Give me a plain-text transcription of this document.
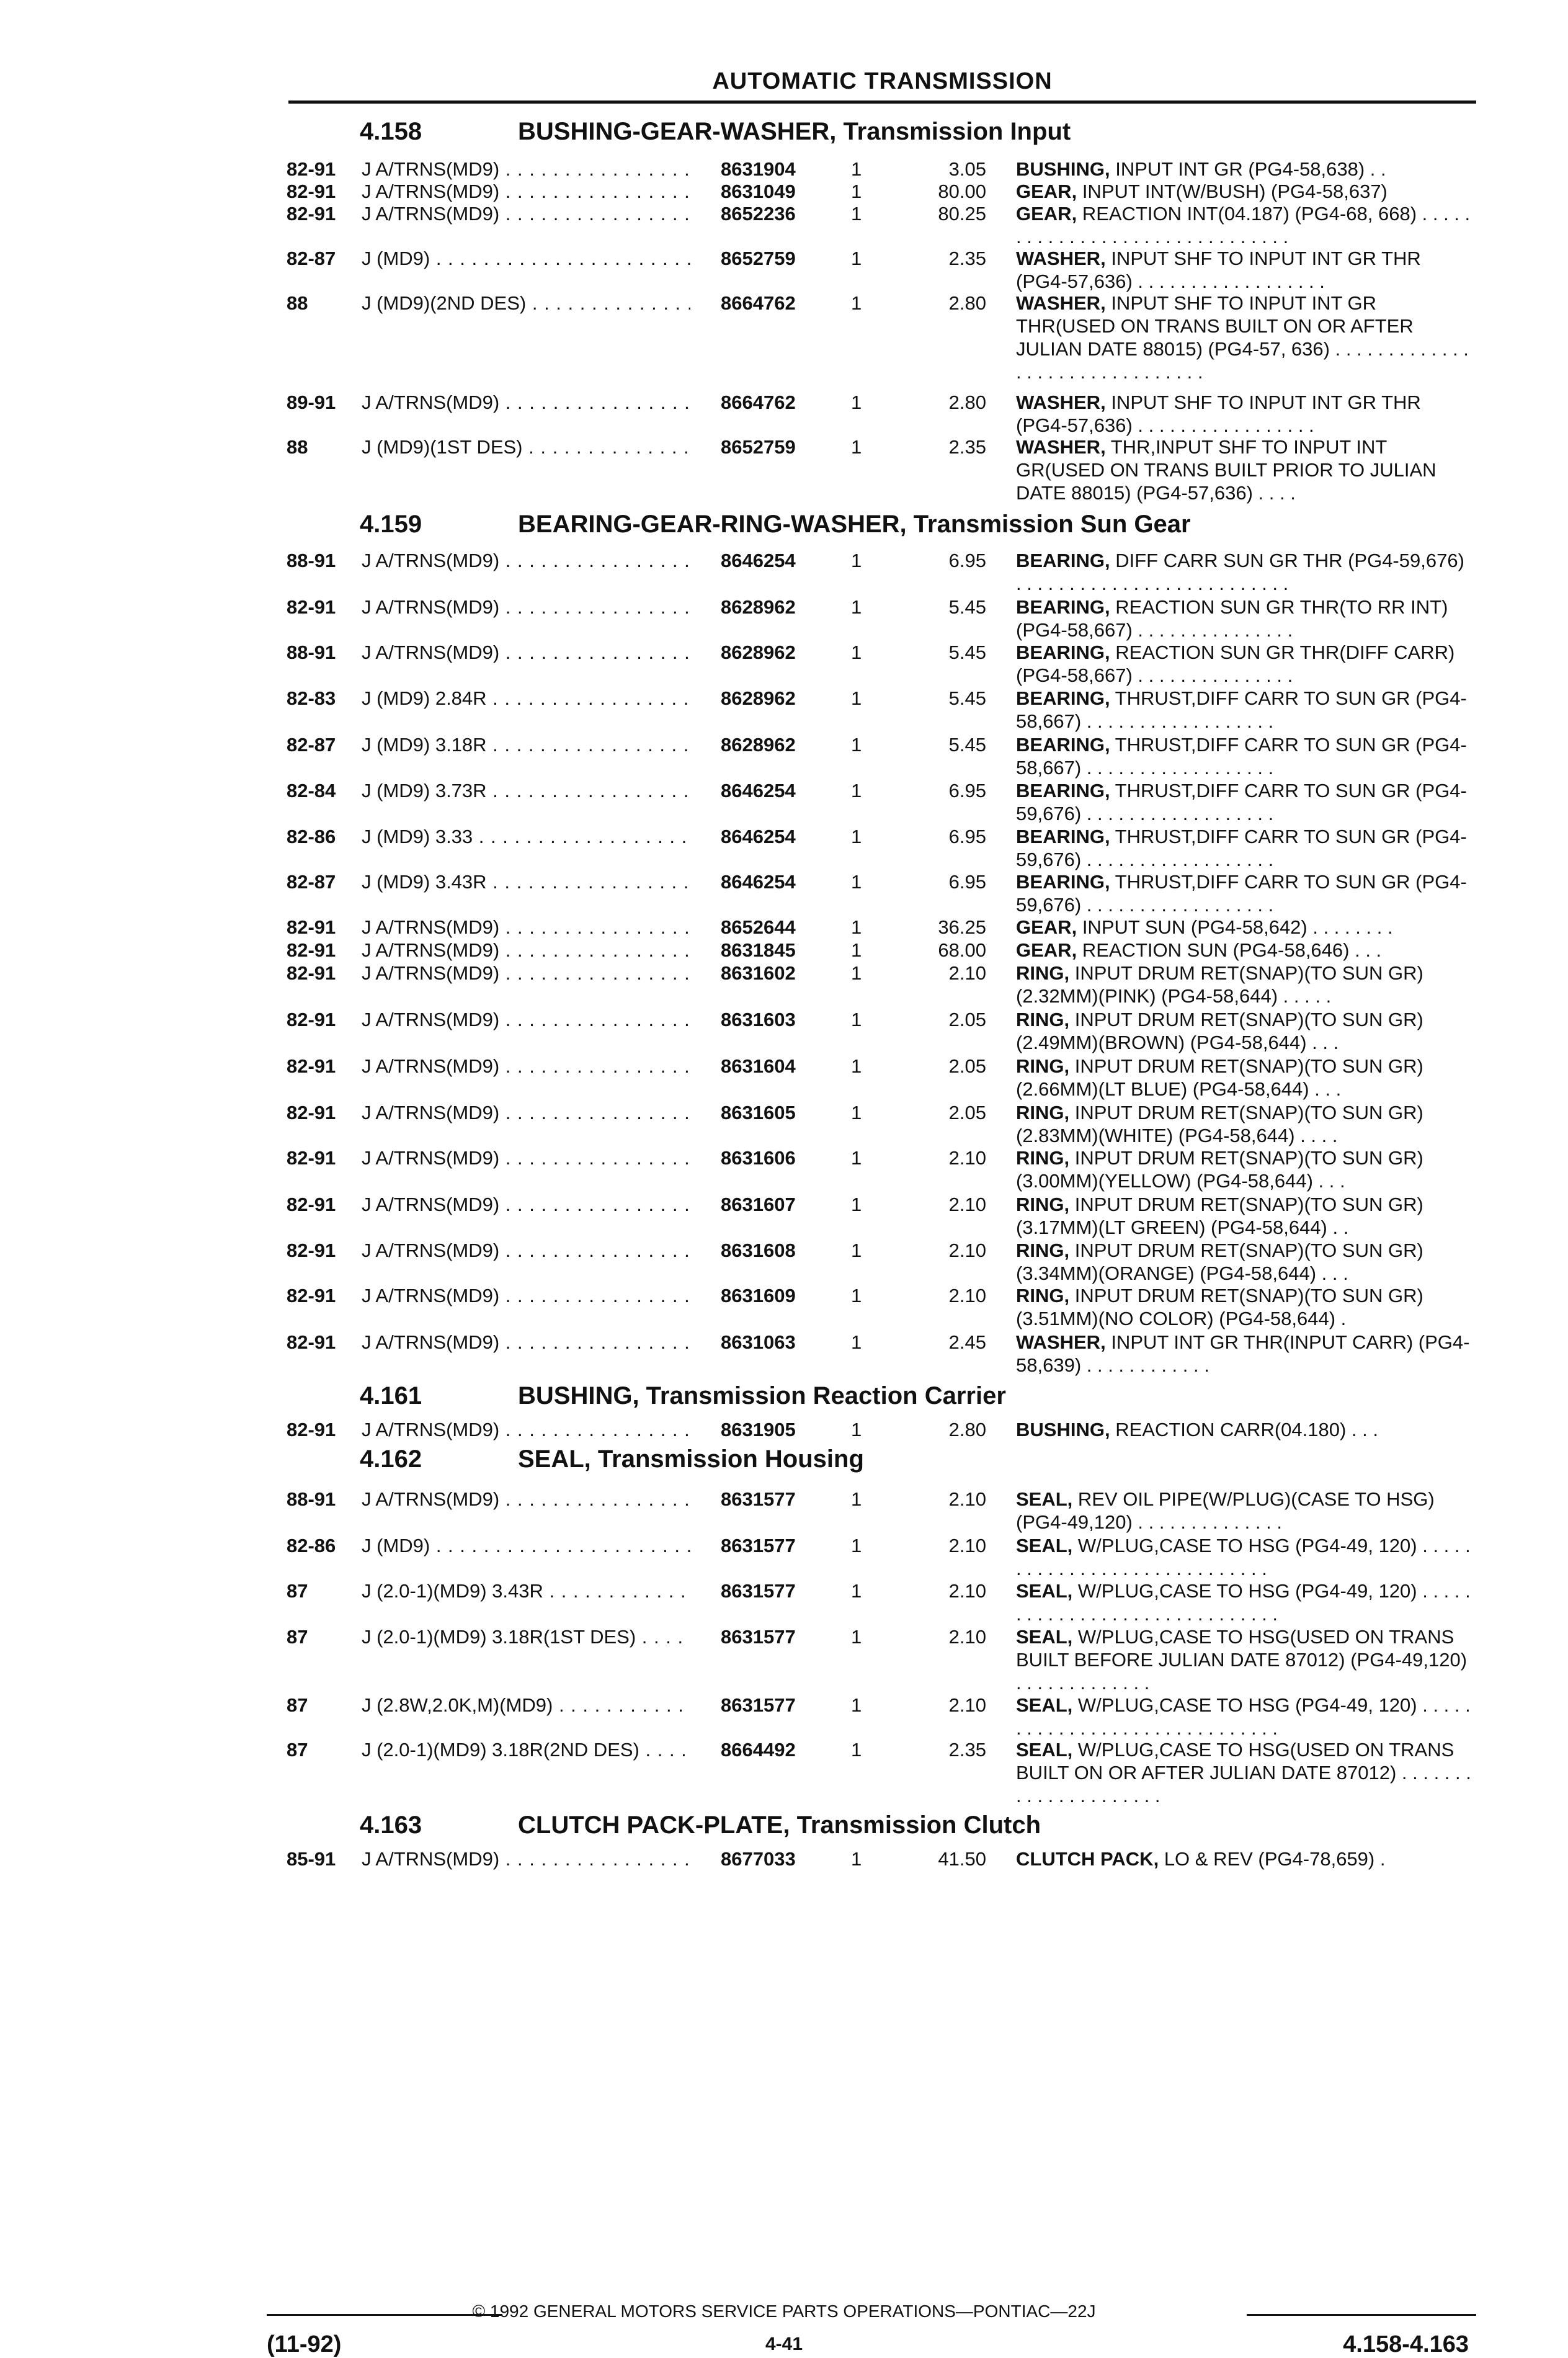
AUTOMATIC TRANSMISSION
4.158	BUSHING-GEAR-WASHER, Transmission Input
82-91 J A/TRNS(MD9) . . .	8631904	1	3.05 BUSHING, INPUT INT GR (PG4-58,638) . .
82-91 J A/TRNS(MD9) . . .	8631049	1	80.00 GEAR, INPUT INT(W/BUSH) (PG4-58,637)
82-91 J A/TRNS(MD9) . . .	8652236	1	80.25 GEAR, REACTION INT(04.187) (PG4-68, 668) . . . . . . . . . . . . . . . . . . . . . . . . . . . . . . .
82-87 J (MD9) . . .	8652759	1	2.35 WASHER, INPUT SHF TO INPUT INT GR THR (PG4-57,636) . . . . . . . . . . . . . . . . . .
88	J (MD9)(2ND DES) . . .	8664762	1	2.80 WASHER, INPUT SHF TO INPUT INT GR THR(USED ON TRANS BUILT ON OR AFTER JULIAN DATE 88015) (PG4-57, 636) . . . . . . . . . . . . . . . . . . . . . . . . . . . . . . .
89-91 J A/TRNS(MD9) . . .	8664762	1	2.80 WASHER, INPUT SHF TO INPUT INT GR THR (PG4-57,636) . . . . . . . . . . . . . . . . .
88	J (MD9)(1ST DES) . . .	8652759	1	2.35 WASHER, THR,INPUT SHF TO INPUT INT GR(USED ON TRANS BUILT PRIOR TO JULIAN DATE 88015) (PG4-57,636) . . . .
4.159	BEARING-GEAR-RING-WASHER, Transmission Sun Gear
88-91 J A/TRNS(MD9) . . .	8646254	1	6.95 BEARING, DIFF CARR SUN GR THR (PG4-59,676) . . . . . . . . . . . . . . . . . . . . . . . . . .
82-91 J A/TRNS(MD9) . . .	8628962	1	5.45 BEARING, REACTION SUN GR THR(TO RR INT) (PG4-58,667) . . . . . . . . . . . . . . .
88-91 J A/TRNS(MD9) . . .	8628962	1	5.45 BEARING, REACTION SUN GR THR(DIFF CARR) (PG4-58,667) . . . . . . . . . . . . . . .
82-83 J (MD9) 2.84R . . .	8628962	1	5.45 BEARING, THRUST,DIFF CARR TO SUN GR (PG4-58,667) . . . . . . . . . . . . . . . . . .
82-87 J (MD9) 3.18R . . .	8628962	1	5.45 BEARING, THRUST,DIFF CARR TO SUN GR (PG4-58,667) . . . . . . . . . . . . . . . . . .
82-84 J (MD9) 3.73R . . .	8646254	1	6.95 BEARING, THRUST,DIFF CARR TO SUN GR (PG4-59,676) . . . . . . . . . . . . . . . . . .
82-86 J (MD9) 3.33 . . .	8646254	1	6.95 BEARING, THRUST,DIFF CARR TO SUN GR (PG4-59,676) . . . . . . . . . . . . . . . . . .
82-87 J (MD9) 3.43R . . .	8646254	1	6.95 BEARING, THRUST,DIFF CARR TO SUN GR (PG4-59,676) . . . . . . . . . . . . . . . . . .
82-91 J A/TRNS(MD9) . . .	8652644	1	36.25 GEAR, INPUT SUN (PG4-58,642) . . . . . . . .
82-91 J A/TRNS(MD9) . . .	8631845	1	68.00 GEAR, REACTION SUN (PG4-58,646) . . .
82-91 J A/TRNS(MD9) . . .	8631602	1	2.10 RING, INPUT DRUM RET(SNAP)(TO SUN GR)(2.32MM)(PINK) (PG4-58,644) . . . . .
82-91 J A/TRNS(MD9) . . .	8631603	1	2.05 RING, INPUT DRUM RET(SNAP)(TO SUN GR)(2.49MM)(BROWN) (PG4-58,644) . . .
82-91 J A/TRNS(MD9) . . .	8631604	1	2.05 RING, INPUT DRUM RET(SNAP)(TO SUN GR)(2.66MM)(LT BLUE) (PG4-58,644) . . .
82-91 J A/TRNS(MD9) . . .	8631605	1	2.05 RING, INPUT DRUM RET(SNAP)(TO SUN GR)(2.83MM)(WHITE) (PG4-58,644) . . . .
82-91 J A/TRNS(MD9) . . .	8631606	1	2.10 RING, INPUT DRUM RET(SNAP)(TO SUN GR)(3.00MM)(YELLOW) (PG4-58,644) . . .
82-91 J A/TRNS(MD9) . . .	8631607	1	2.10 RING, INPUT DRUM RET(SNAP)(TO SUN GR)(3.17MM)(LT GREEN) (PG4-58,644) . .
82-91 J A/TRNS(MD9) . . .	8631608	1	2.10 RING, INPUT DRUM RET(SNAP)(TO SUN GR)(3.34MM)(ORANGE) (PG4-58,644) . . .
82-91 J A/TRNS(MD9) . . .	8631609	1	2.10 RING, INPUT DRUM RET(SNAP)(TO SUN GR)(3.51MM)(NO COLOR) (PG4-58,644) .
82-91 J A/TRNS(MD9) . . .	8631063	1	2.45 WASHER, INPUT INT GR THR(INPUT CARR) (PG4-58,639) . . . . . . . . . . . .
4.161	BUSHING, Transmission Reaction Carrier
82-91 J A/TRNS(MD9) . . .	8631905	1	2.80 BUSHING, REACTION CARR(04.180) . . .
4.162	SEAL, Transmission Housing
88-91 J A/TRNS(MD9) . . .	8631577	1	2.10 SEAL, REV OIL PIPE(W/PLUG)(CASE TO HSG) (PG4-49,120) . . . . . . . . . . . . . .
82-86 J (MD9) . . .	8631577	1	2.10 SEAL, W/PLUG,CASE TO HSG (PG4-49, 120) . . . . . . . . . . . . . . . . . . . . . . . . . . . . .
87	J (2.0-1)(MD9) 3.43R . . .	8631577	1	2.10 SEAL, W/PLUG,CASE TO HSG (PG4-49, 120) . . . . . . . . . . . . . . . . . . . . . . . . . . . . . .
87	J (2.0-1)(MD9) 3.18R(1ST DES) . . .	8631577	1	2.10 SEAL, W/PLUG,CASE TO HSG(USED ON TRANS BUILT BEFORE JULIAN DATE 87012) (PG4-49,120) . . . . . . . . . . . . .
87	J (2.8W,2.0K,M)(MD9) . . .	8631577	1	2.10 SEAL, W/PLUG,CASE TO HSG (PG4-49, 120) . . . . . . . . . . . . . . . . . . . . . . . . . . . . . .
87	J (2.0-1)(MD9) 3.18R(2ND DES) . . .	8664492	1	2.35 SEAL, W/PLUG,CASE TO HSG(USED ON TRANS BUILT ON OR AFTER JULIAN DATE 87012) . . . . . . . . . . . . . . . . . . . . .
4.163	CLUTCH PACK-PLATE, Transmission Clutch
85-91 J A/TRNS(MD9) . . .	8677033	1	41.50 CLUTCH PACK, LO & REV (PG4-78,659) .
© 1992 GENERAL MOTORS SERVICE PARTS OPERATIONS—PONTIAC—22J
(11-92)	4-41	4.158-4.163
